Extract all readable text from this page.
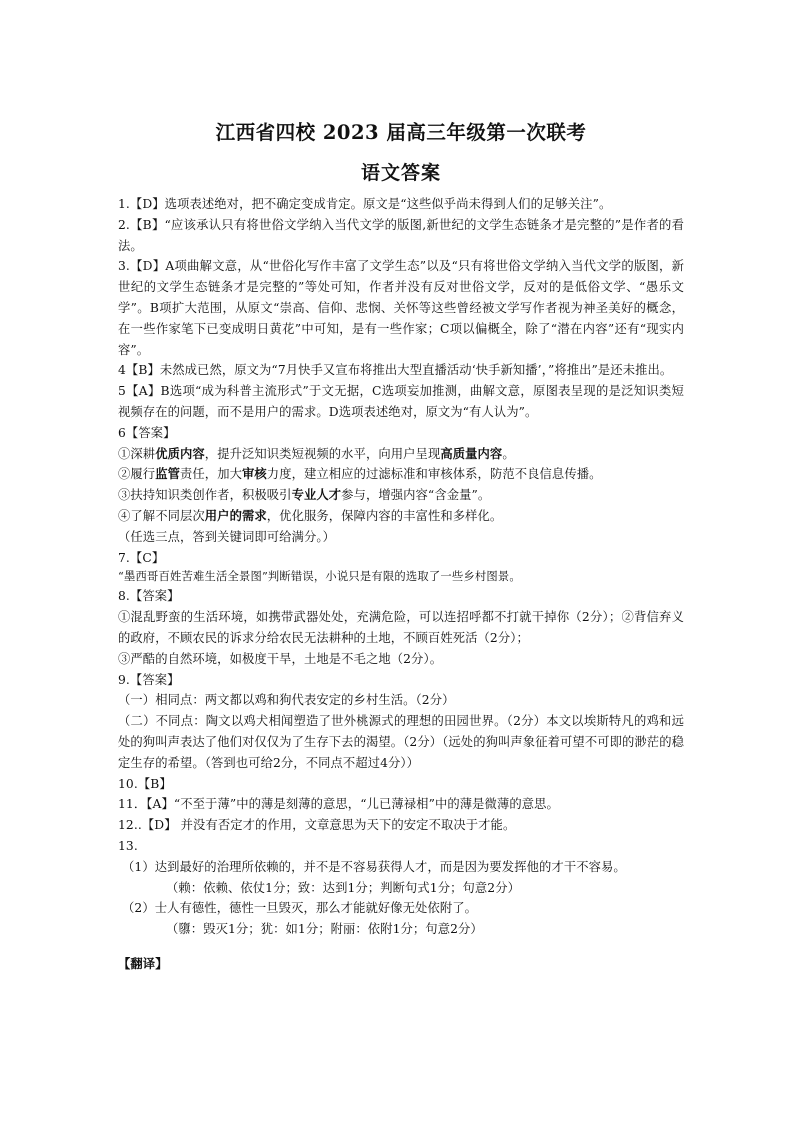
江西省四校 2023 届高三年级第一次联考
语文答案

1.【D】选项表述绝对，把不确定变成肯定。原文是“这些似乎尚未得到人们的足够关注”。

2.【B】“应该承认只有将世俗文学纳入当代文学的版图,新世纪的文学生态链条才是完整的”是作者的看法。

3.【D】A项曲解文意，从“世俗化写作丰富了文学生态”以及“只有将世俗文学纳入当代文学的版图，新世纪的文学生态链条才是完整的”等处可知，作者并没有反对世俗文学，反对的是低俗文学、“愚乐文学”。B项扩大范围，从原文“崇高、信仰、悲悯、关怀等这些曾经被文学写作者视为神圣美好的概念，在一些作家笔下已变成明日黄花”中可知，是有一些作家；C项以偏概全，除了“潜在内容”还有“现实内容”。

4【B】未然成已然，原文为“7月快手又宣布将推出大型直播活动‘快手新知播’，”将推出”是还未推出。

5【A】B选项“成为科普主流形式”于文无据，C选项妄加推测，曲解文意，原图表呈现的是泛知识类短视频存在的问题，而不是用户的需求。D选项表述绝对，原文为“有人认为”。

6【答案】

①深耕优质内容，提升泛知识类短视频的水平，向用户呈现高质量内容。

②履行监管责任，加大审核力度，建立相应的过滤标准和审核体系，防范不良信息传播。

③扶持知识类创作者，积极吸引专业人才参与，增强内容“含金量”。

④了解不同层次用户的需求，优化服务，保障内容的丰富性和多样化。

（任选三点，答到关键词即可给满分。）

7.【C】

“墨西哥百姓苦难生活全景图”判断错误，小说只是有限的选取了一些乡村图景。

8.【答案】

①混乱野蛮的生活环境，如携带武器处处，充满危险，可以连招呼都不打就干掉你（2分）；②背信弃义的政府，不顾农民的诉求分给农民无法耕种的土地，不顾百姓死活（2分）；

③严酷的自然环境，如极度干旱，土地是不毛之地（2分）。

9.【答案】

（一）相同点：两文都以鸡和狗代表安定的乡村生活。（2分）

（二）不同点：陶文以鸡犬相闻塑造了世外桃源式的理想的田园世界。（2分）本文以埃斯特凡的鸡和远处的狗叫声表达了他们对仅仅为了生存下去的渴望。（2分）（远处的狗叫声象征着可望不可即的渺茫的稳定生存的希望。（答到也可给2分，不同点不超过4分））

10.【B】

11．【A】“不至于薄”中的薄是刻薄的意思，“儿已薄禄相”中的薄是微薄的意思。

12..【D】 并没有否定才的作用，文章意思为天下的安定不取决于才能。

13.

（1）达到最好的治理所依赖的，并不是不容易获得人才，而是因为要发挥他的才干不容易。

（赖：依赖、依仗1分；致：达到1分；判断句式1分；句意2分）

（2）士人有德性，德性一旦毁灭，那么才能就好像无处依附了。

（隳：毁灭1分；犹：如1分；附丽：依附1分；句意2分）

【翻译】
